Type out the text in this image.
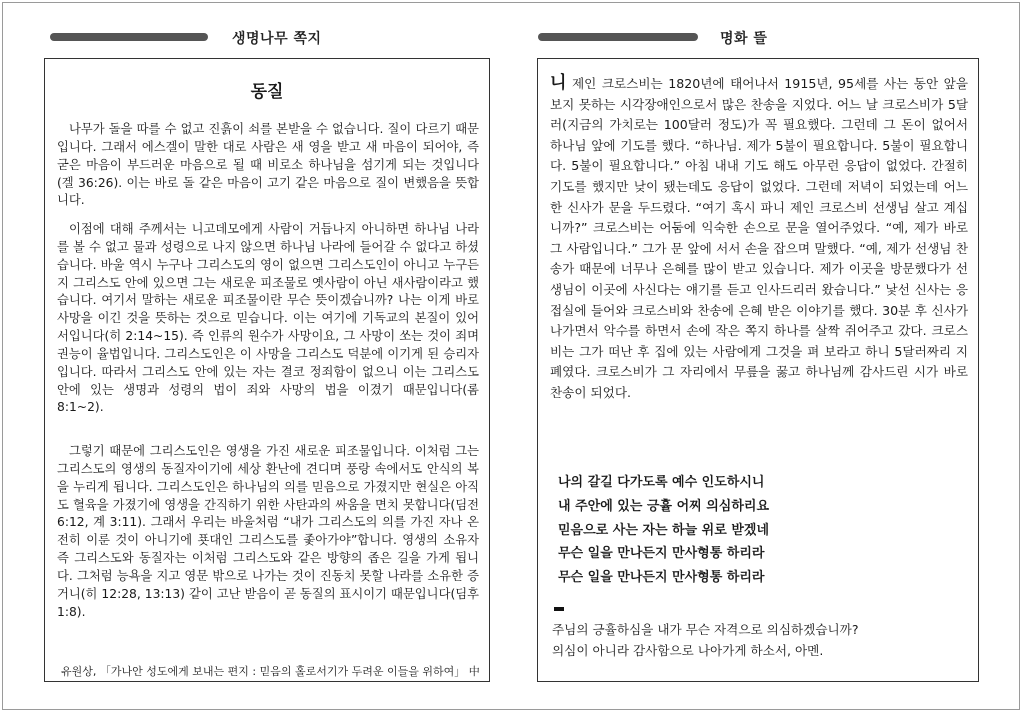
생명나무 쪽지	명화 뜰
동질
나무가 돌을 따를 수 없고 진흙이 쇠를 본받을 수 없습니다. 질이 다르기 때문입니다. 그래서 에스겔이 말한 대로 사람은 새 영을 받고 새 마음이 되어야, 즉 굳은 마음이 부드러운 마음으로 될 때 비로소 하나님을 섬기게 되는 것입니다(겔 36:26). 이는 바로 돌 같은 마음이 고기 같은 마음으로 질이 변했음을 뜻합니다.
이점에 대해 주께서는 니고데모에게 사람이 거듭나지 아니하면 하나님 나라를 볼 수 없고 물과 성령으로 나지 않으면 하나님 나라에 들어갈 수 없다고 하셨습니다. 바울 역시 누구나 그리스도의 영이 없으면 그리스도인이 아니고 누구든지 그리스도 안에 있으면 그는 새로운 피조물로 옛사람이 아닌 새사람이라고 했습니다. 여기서 말하는 새로운 피조물이란 무슨 뜻이겠습니까? 나는 이게 바로 사망을 이긴 것을 뜻하는 것으로 믿습니다. 이는 여기에 기독교의 본질이 있어서입니다(히 2:14~15). 즉 인류의 원수가 사망이요, 그 사망이 쏘는 것이 죄며 권능이 율법입니다. 그리스도인은 이 사망을 그리스도 덕분에 이기게 된 승리자입니다. 따라서 그리스도 안에 있는 자는 결코 정죄함이 없으니 이는 그리스도 안에 있는 생명과 성령의 법이 죄와 사망의 법을 이겼기 때문입니다(롬 8:1~2).
그렇기 때문에 그리스도인은 영생을 가진 새로운 피조물입니다. 이처럼 그는 그리스도의 영생의 동질자이기에 세상 환난에 견디며 풍랑 속에서도 안식의 복을 누리게 됩니다. 그리스도인은 하나님의 의를 믿음으로 가졌지만 현실은 아직도 혈육을 가졌기에 영생을 간직하기 위한 사탄과의 싸움을 면치 못합니다(딤전 6:12, 계 3:11). 그래서 우리는 바울처럼 “내가 그리스도의 의를 가진 자나 온전히 이룬 것이 아니기에 푯대인 그리스도를 좇아가야”합니다. 영생의 소유자 즉 그리스도와 동질자는 이처럼 그리스도와 같은 방향의 좁은 길을 가게 됩니다. 그처럼 능욕을 지고 영문 밖으로 나가는 것이 진동치 못할 나라를 소유한 증거니(히 12:28, 13:13) 같이 고난 받음이 곧 동질의 표시이기 때문입니다(딤후 1:8).
유원상, 「가나안 성도에게 보내는 편지 : 믿음의 홀로서기가 두려운 이들을 위하여」 中
니 제인 크로스비는 1820년에 태어나서 1915년, 95세를 사는 동안 앞을 보지 못하는 시각장애인으로서 많은 찬송을 지었다. 어느 날 크로스비가 5달러(지금의 가치로는 100달러 정도)가 꼭 필요했다. 그런데 그 돈이 없어서 하나님 앞에 기도를 했다. “하나님. 제가 5불이 필요합니다. 5불이 필요합니다. 5불이 필요합니다.” 아침 내내 기도 해도 아무런 응답이 없었다. 간절히 기도를 했지만 낮이 됐는데도 응답이 없었다. 그런데 저녁이 되었는데 어느 한 신사가 문을 두드렸다. “여기 혹시 파니 제인 크로스비 선생님 살고 계십니까?” 크로스비는 어둠에 익숙한 손으로 문을 열어주었다. “예, 제가 바로 그 사람입니다.” 그가 문 앞에 서서 손을 잡으며 말했다. “예, 제가 선생님 찬송가 때문에 너무나 은혜를 많이 받고 있습니다. 제가 이곳을 방문했다가 선생님이 이곳에 사신다는 얘기를 듣고 인사드리러 왔습니다.” 낯선 신사는 응접실에 들어와 크로스비와 찬송에 은혜 받은 이야기를 했다. 30분 후 신사가 나가면서 악수를 하면서 손에 작은 쪽지 하나를 살짝 쥐어주고 갔다. 크로스비는 그가 떠난 후 집에 있는 사람에게 그것을 펴 보라고 하니 5달러짜리 지폐였다. 크로스비가 그 자리에서 무릎을 꿇고 하나님께 감사드린 시가 바로 찬송이 되었다.
나의 갈길 다가도록 예수 인도하시니
내 주안에 있는 긍휼 어찌 의심하리요
믿음으로 사는 자는 하늘 위로 받겠네
무슨 일을 만나든지 만사형통 하리라
무슨 일을 만나든지 만사형통 하리라
주님의 긍휼하심을 내가 무슨 자격으로 의심하겠습니까?
의심이 아니라 감사함으로 나아가게 하소서, 아멘.
